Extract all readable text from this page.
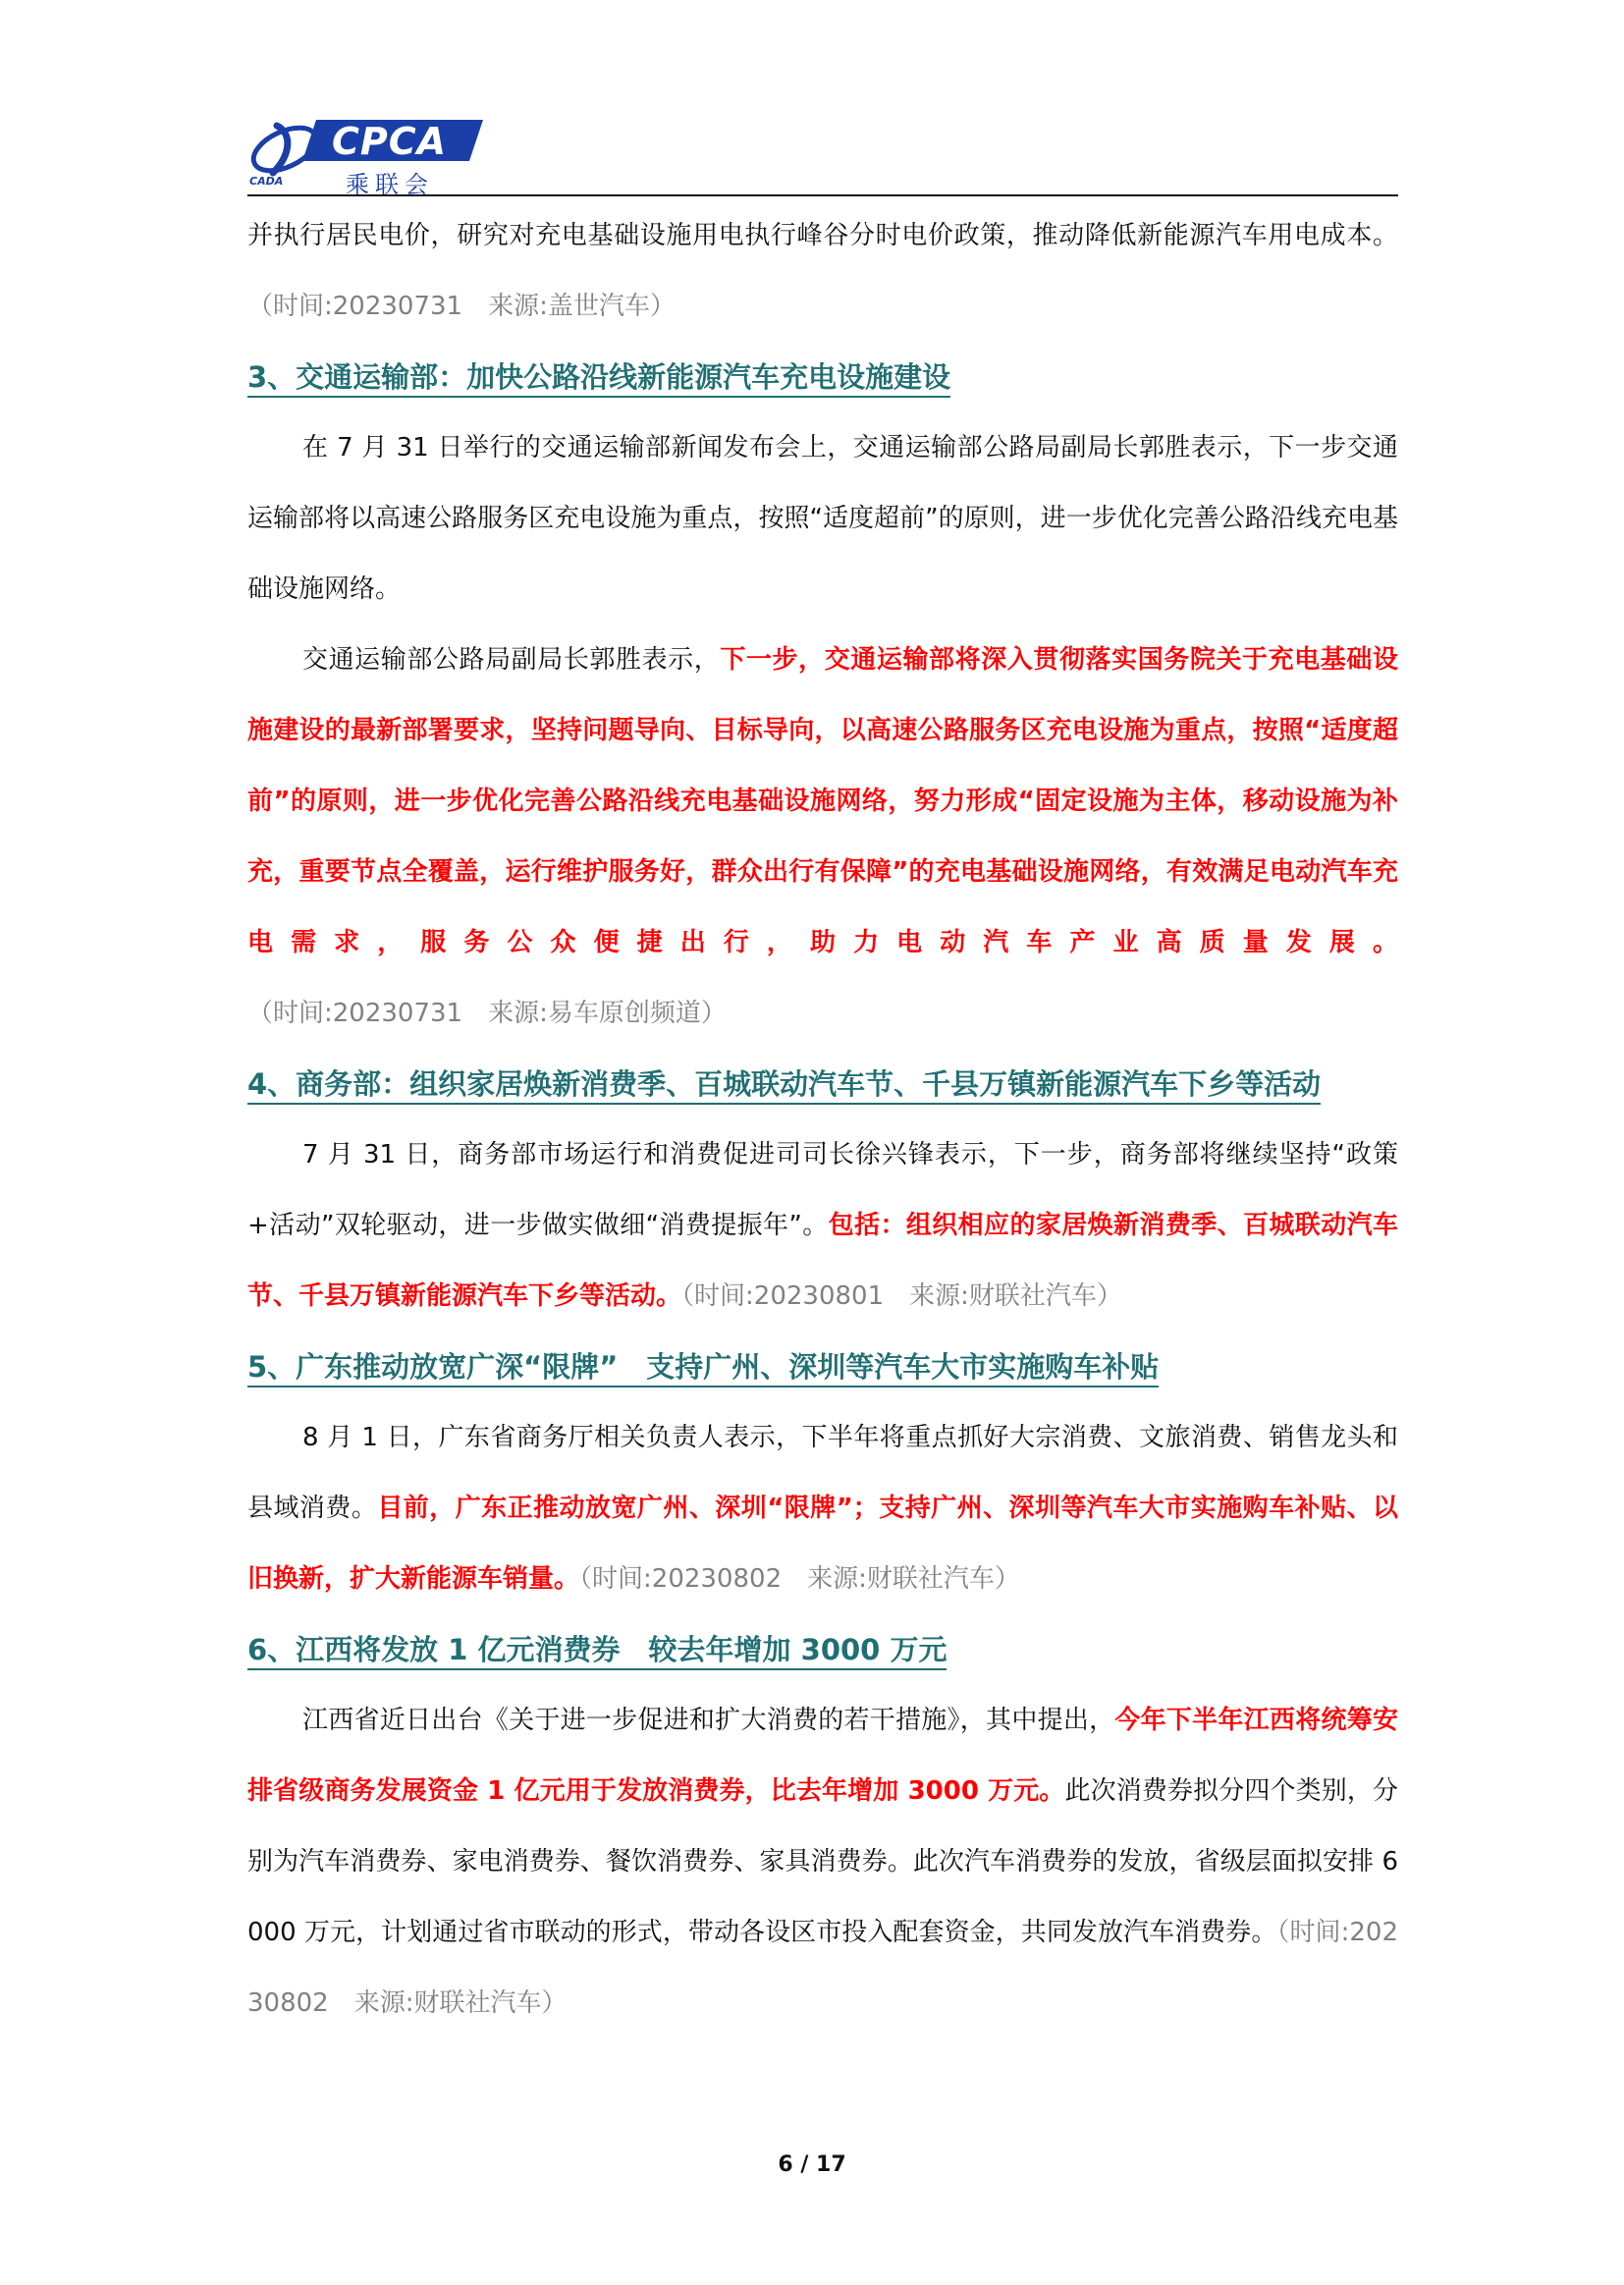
CPCA
乘联会
CADA

并执行居民电价，研究对充电基础设施用电执行峰谷分时电价政策，推动降低新能源汽车用电成本。（时间:20230731　来源:盖世汽车）

3、交通运输部：加快公路沿线新能源汽车充电设施建设

在 7 月 31 日举行的交通运输部新闻发布会上，交通运输部公路局副局长郭胜表示，下一步交通运输部将以高速公路服务区充电设施为重点，按照“适度超前”的原则，进一步优化完善公路沿线充电基础设施网络。

交通运输部公路局副局长郭胜表示，下一步，交通运输部将深入贯彻落实国务院关于充电基础设施建设的最新部署要求，坚持问题导向、目标导向，以高速公路服务区充电设施为重点，按照“适度超前”的原则，进一步优化完善公路沿线充电基础设施网络，努力形成“固定设施为主体，移动设施为补充，重要节点全覆盖，运行维护服务好，群众出行有保障”的充电基础设施网络，有效满足电动汽车充电需求，服务公众便捷出行，助力电动汽车产业高质量发展。（时间:20230731　来源:易车原创频道）

4、商务部：组织家居焕新消费季、百城联动汽车节、千县万镇新能源汽车下乡等活动

7 月 31 日，商务部市场运行和消费促进司司长徐兴锋表示，下一步，商务部将继续坚持“政策+活动”双轮驱动，进一步做实做细“消费提振年”。包括：组织相应的家居焕新消费季、百城联动汽车节、千县万镇新能源汽车下乡等活动。（时间:20230801　来源:财联社汽车）

5、广东推动放宽广深“限牌”　支持广州、深圳等汽车大市实施购车补贴

8 月 1 日，广东省商务厅相关负责人表示，下半年将重点抓好大宗消费、文旅消费、销售龙头和县域消费。目前，广东正推动放宽广州、深圳“限牌”；支持广州、深圳等汽车大市实施购车补贴、以旧换新，扩大新能源车销量。（时间:20230802　来源:财联社汽车）

6、江西将发放 1 亿元消费券　较去年增加 3000 万元

江西省近日出台《关于进一步促进和扩大消费的若干措施》，其中提出，今年下半年江西将统筹安排省级商务发展资金 1 亿元用于发放消费券，比去年增加 3000 万元。此次消费券拟分四个类别，分别为汽车消费券、家电消费券、餐饮消费券、家具消费券。此次汽车消费券的发放，省级层面拟安排 6000 万元，计划通过省市联动的形式，带动各设区市投入配套资金，共同发放汽车消费券。（时间:20230802　来源:财联社汽车）

6 / 17
